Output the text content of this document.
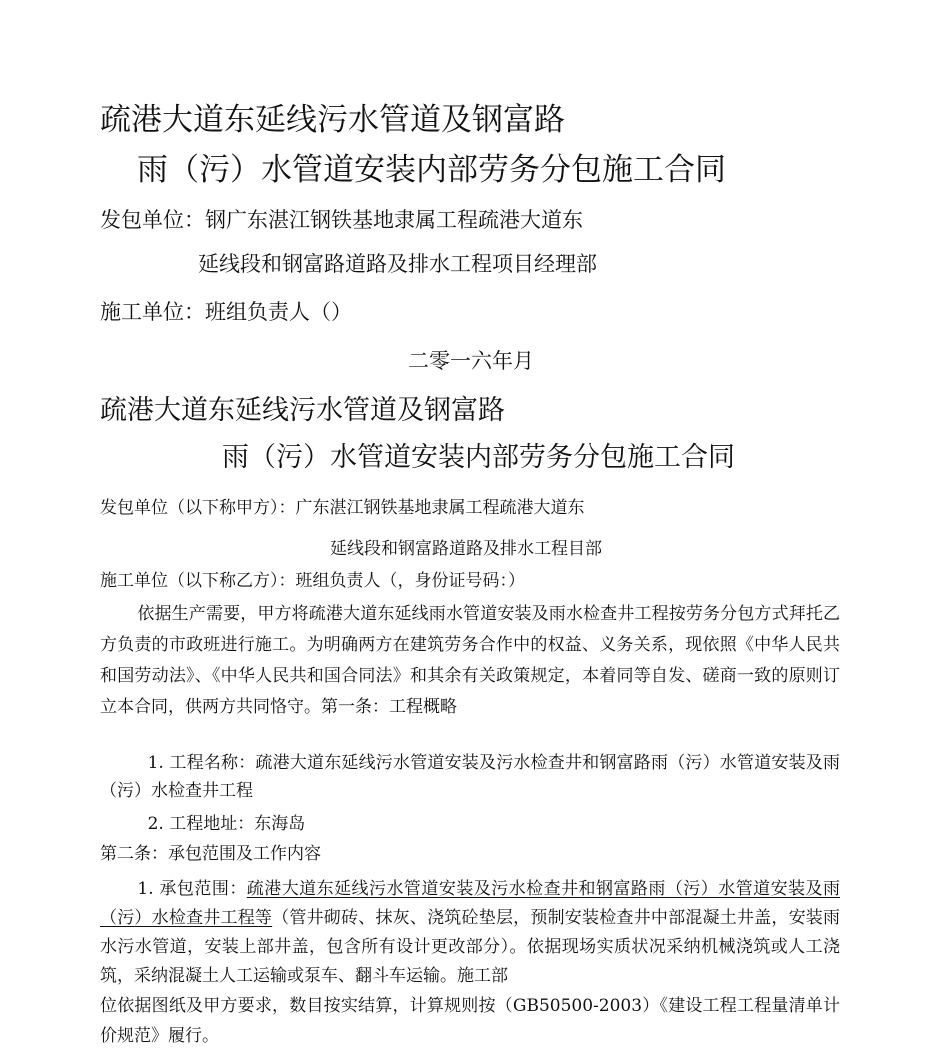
疏港大道东延线污水管道及钢富路
雨（污）水管道安装内部劳务分包施工合同
发包单位：钢广东湛江钢铁基地隶属工程疏港大道东
延线段和钢富路道路及排水工程项目经理部
施工单位：班组负责人（）
二零一六年月
疏港大道东延线污水管道及钢富路
雨（污）水管道安装内部劳务分包施工合同
发包单位（以下称甲方）：广东湛江钢铁基地隶属工程疏港大道东
延线段和钢富路道路及排水工程目部
施工单位（以下称乙方）：班组负责人（，身份证号码：）
依据生产需要，甲方将疏港大道东延线雨水管道安装及雨水检查井工程按劳务分包方式拜托乙方负责的市政班进行施工。为明确两方在建筑劳务合作中的权益、义务关系，现依照《中华人民共和国劳动法》、《中华人民共和国合同法》和其余有关政策规定，本着同等自发、磋商一致的原则订立本合同，供两方共同恪守。第一条：工程概略
1. 工程名称：疏港大道东延线污水管道安装及污水检查井和钢富路雨（污）水管道安装及雨（污）水检查井工程
2. 工程地址：东海岛
第二条：承包范围及工作内容
1. 承包范围：疏港大道东延线污水管道安装及污水检查井和钢富路雨（污）水管道安装及雨（污）水检查井工程等（管井砌砖、抹灰、浇筑砼垫层，预制安装检查井中部混凝土井盖，安装雨水污水管道，安装上部井盖，包含所有设计更改部分）。依据现场实质状况采纳机械浇筑或人工浇筑，采纳混凝土人工运输或泵车、翻斗车运输。施工部
位依据图纸及甲方要求，数目按实结算，计算规则按（GB50500-2003）《建设工程工程量清单计价规范》履行。
